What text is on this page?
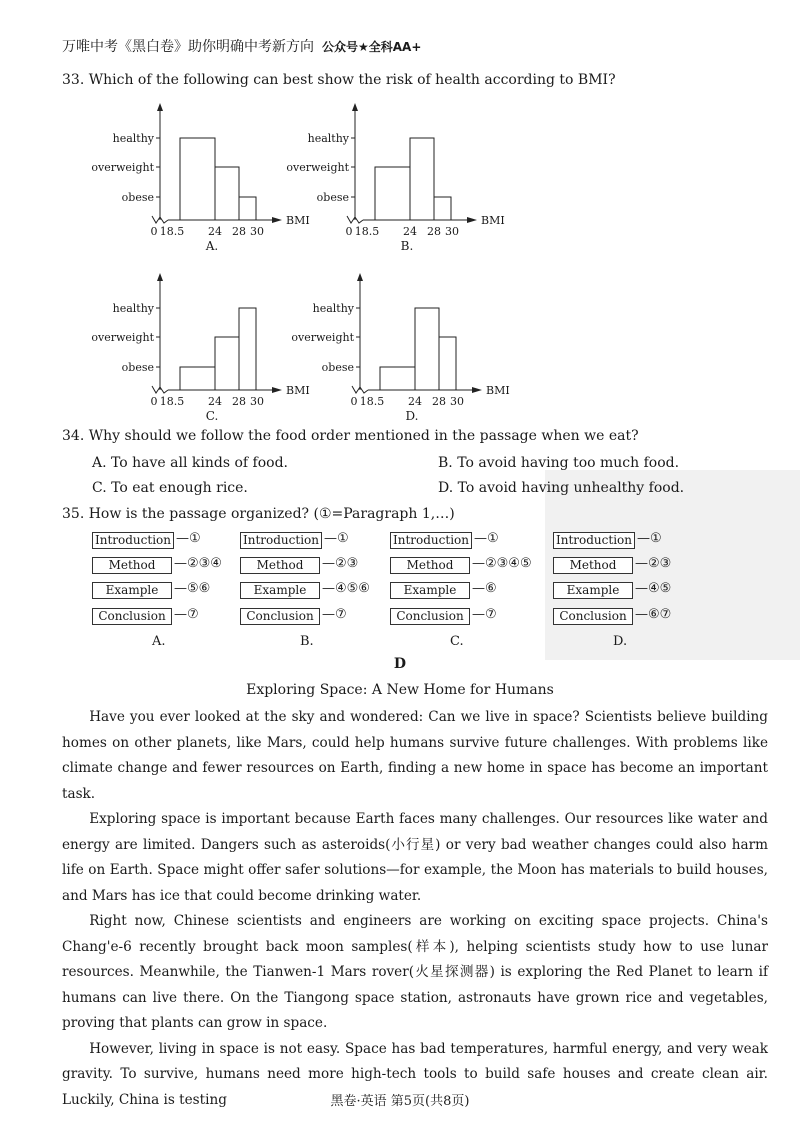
万唯中考《黑白卷》助你明确中考新方向 公众号★全科AA+
33. Which of the following can best show the risk of health according to BMI?
BMI
obese
overweight
healthy
0 18.5 24 28 30
A.
BMI
obese
overweight
healthy
0 18.5 24 28 30
B.
BMI
obese
overweight
healthy
0 18.5 24 28 30
C.
BMI
obese
overweight
healthy
0 18.5 24 28 30
D.
34. Why should we follow the food order mentioned in the passage when we eat?
A. To have all kinds of food.	B. To avoid having too much food.
C. To eat enough rice.	D. To avoid having unhealthy food.
35. How is the passage organized? (①=Paragraph 1,…)
Introduction —①
Method	—②③④
Example	—⑤⑥
Conclusion —⑦
A.
Introduction —①
Method	—②③
Example	—④⑤⑥
Conclusion —⑦
B.
Introduction —①
Method	—②③④⑤
Example	—⑥
Conclusion —⑦
C.
Introduction —①
Method	—②③
Example	—④⑤
Conclusion —⑥⑦
D.
D
Exploring Space: A New Home for Humans

Have you ever looked at the sky and wondered: Can we live in space? Scientists believe building homes on other planets, like Mars, could help humans survive future challenges. With problems like climate change and fewer resources on Earth, finding a new home in space has become an important task.

Exploring space is important because Earth faces many challenges. Our resources like water and energy are limited. Dangers such as asteroids(小行星) or very bad weather changes could also harm life on Earth. Space might offer safer solutions—for example, the Moon has materials to build houses, and Mars has ice that could become drinking water.

Right now, Chinese scientists and engineers are working on exciting space projects. China's Chang'e-6 recently brought back moon samples(样本), helping scientists study how to use lunar resources. Meanwhile, the Tianwen-1 Mars rover(火星探测器) is exploring the Red Planet to learn if humans can live there. On the Tiangong space station, astronauts have grown rice and vegetables, proving that plants can grow in space.

However, living in space is not easy. Space has bad temperatures, harmful energy, and very weak gravity. To survive, humans need more high-tech tools to build safe houses and create clean air. Luckily, China is testing	黑卷·英语 第5页(共8页)
